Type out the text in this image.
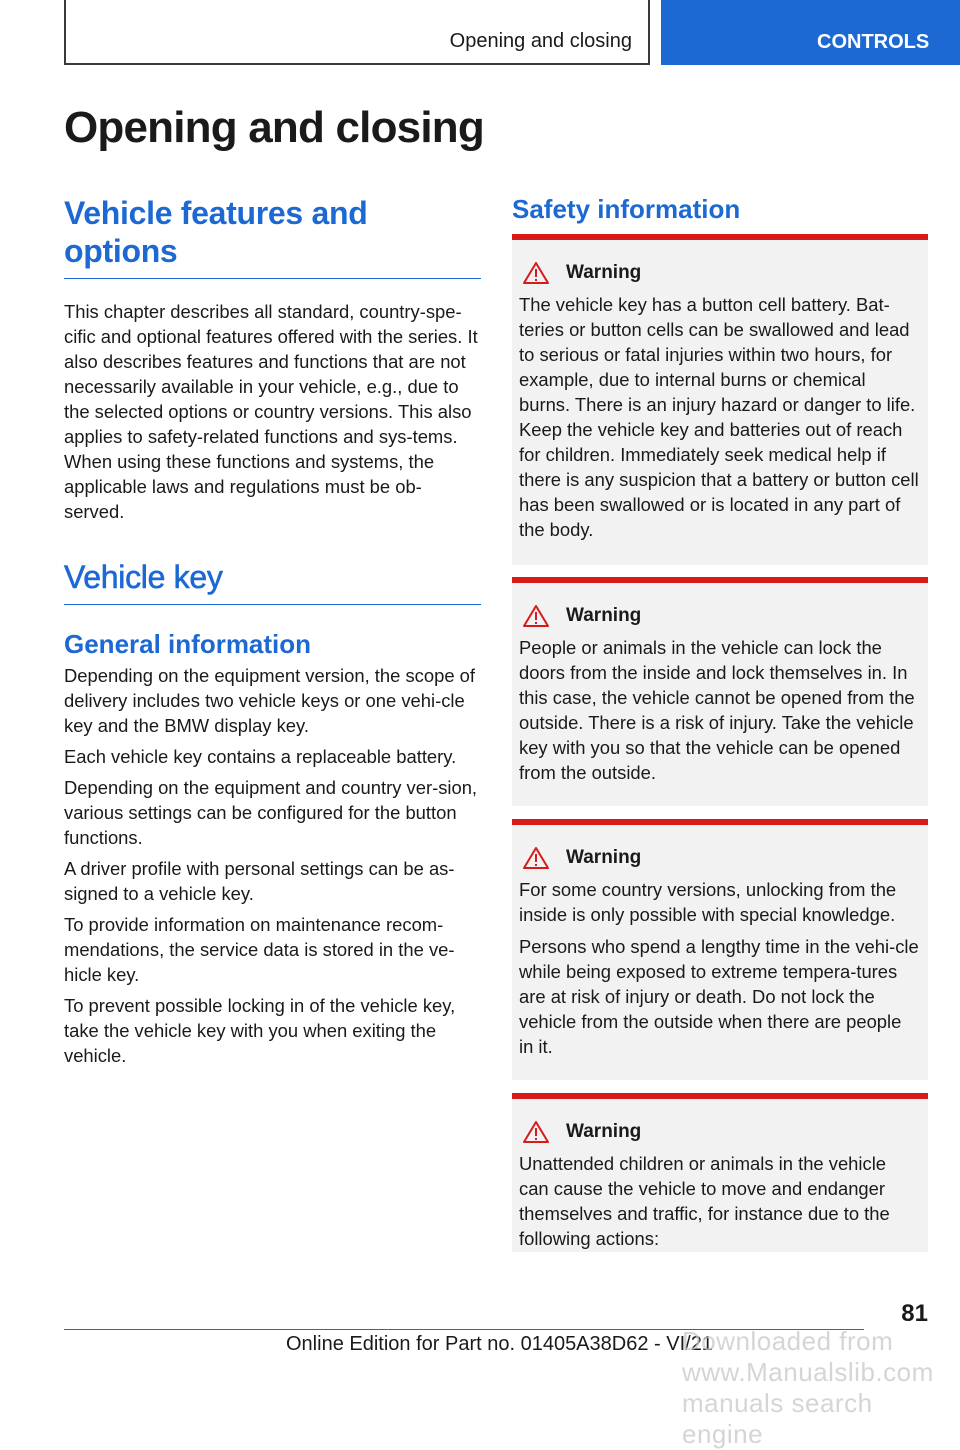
Opening and closing	CONTROLS
Opening and closing
Vehicle features and options

This chapter describes all standard, country-spe-cific and optional features offered with the series. It also describes features and functions that are not necessarily available in your vehicle, e.g., due to the selected options or country versions. This also applies to safety-related functions and sys-tems. When using these functions and systems, the applicable laws and regulations must be ob-served.

Vehicle key
General information

Depending on the equipment version, the scope of delivery includes two vehicle keys or one vehi-cle key and the BMW display key.

Each vehicle key contains a replaceable battery.

Depending on the equipment and country ver-sion, various settings can be configured for the button functions.

A driver profile with personal settings can be as-signed to a vehicle key.

To provide information on maintenance recom-mendations, the service data is stored in the ve-hicle key.

To prevent possible locking in of the vehicle key, take the vehicle key with you when exiting the vehicle.

Safety information
Warning

The vehicle key has a button cell battery. Bat-teries or button cells can be swallowed and lead to serious or fatal injuries within two hours, for example, due to internal burns or chemical burns. There is an injury hazard or danger to life. Keep the vehicle key and batteries out of reach for children. Immediately seek medical help if there is any suspicion that a battery or button cell has been swallowed or is located in any part of the body.

Warning

People or animals in the vehicle can lock the doors from the inside and lock themselves in. In this case, the vehicle cannot be opened from the outside. There is a risk of injury. Take the vehicle key with you so that the vehicle can be opened from the outside.

Warning

For some country versions, unlocking from the inside is only possible with special knowledge.

Persons who spend a lengthy time in the vehi-cle while being exposed to extreme tempera-tures are at risk of injury or death. Do not lock the vehicle from the outside when there are people in it.

Warning

Unattended children or animals in the vehicle can cause the vehicle to move and endanger themselves and traffic, for instance due to the following actions:

81
Online Edition for Part no. 01405A38D62 - VI/21
Downloaded from www.Manualslib.com manuals search engine
